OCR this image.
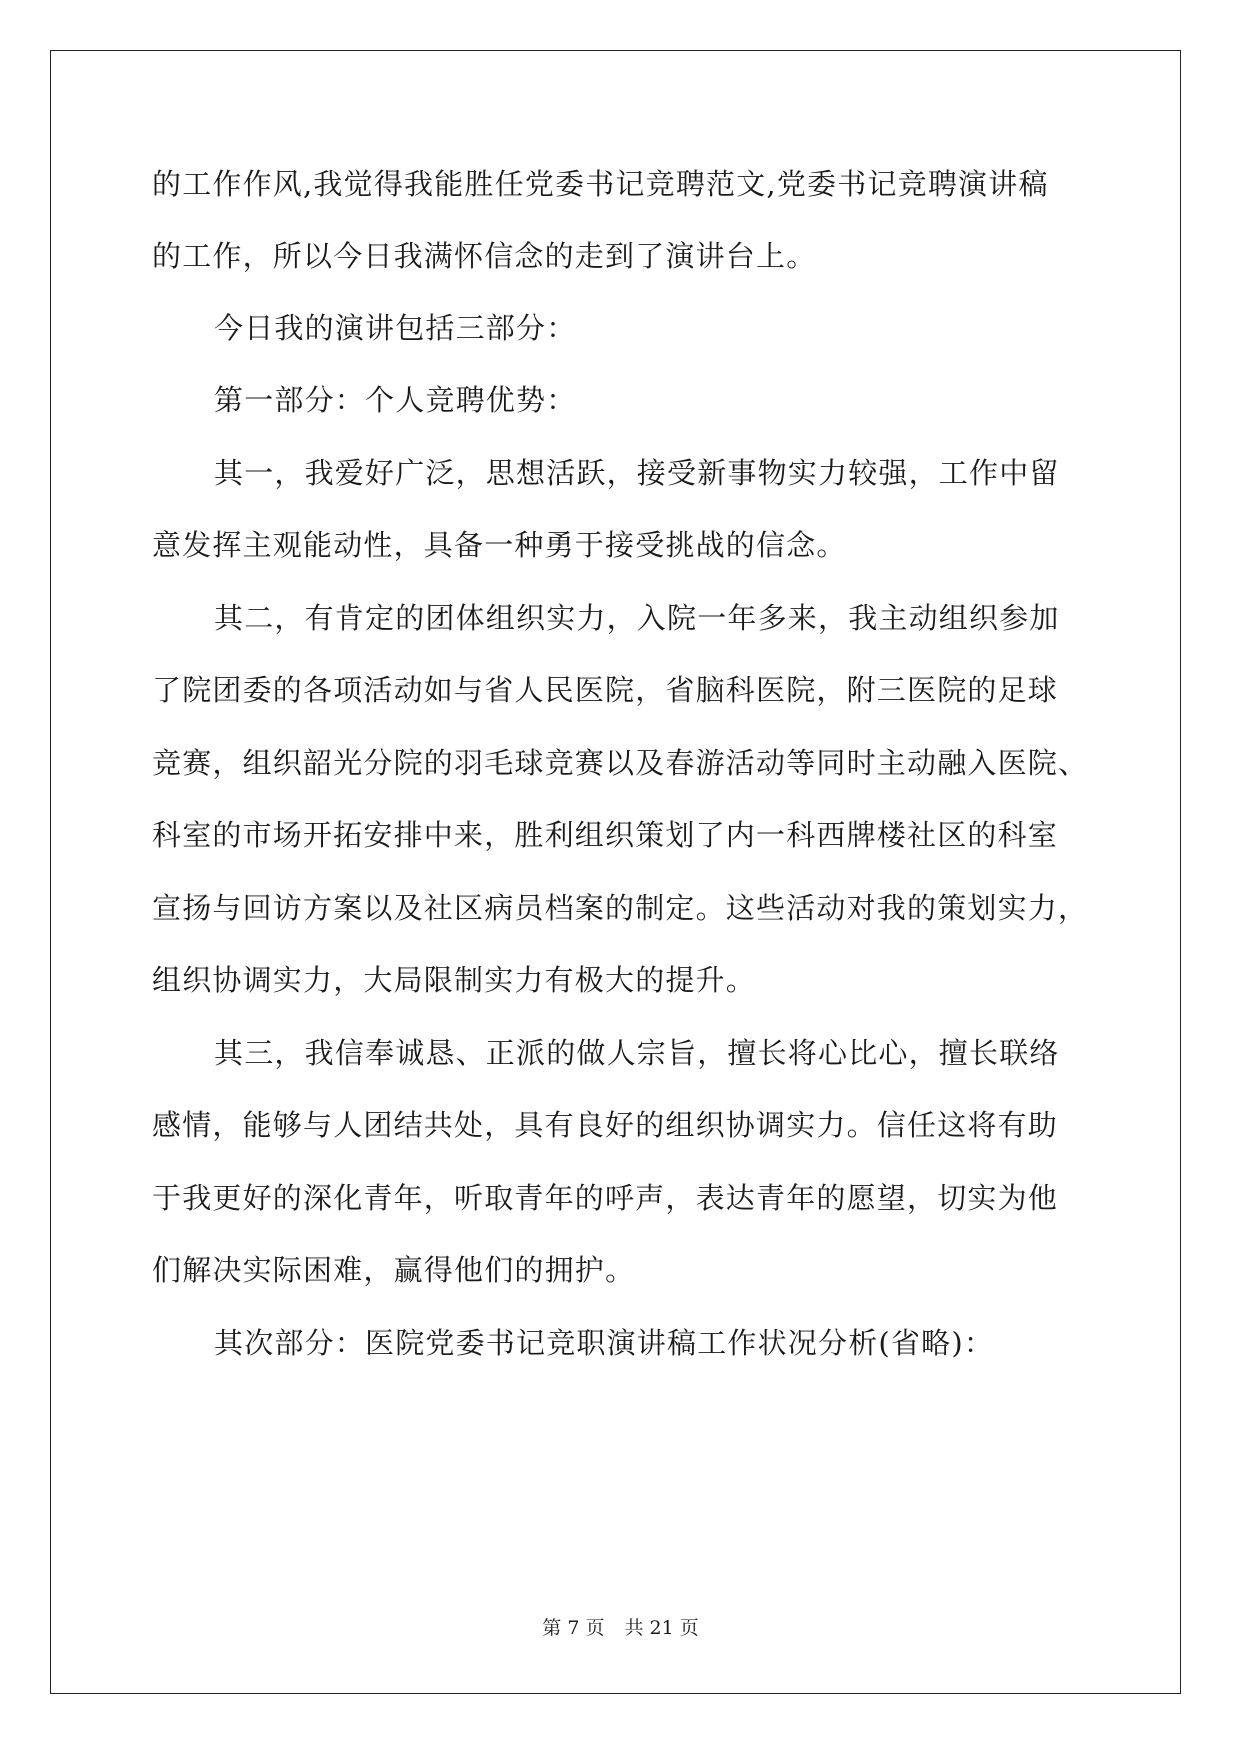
的工作作风,我觉得我能胜任党委书记竞聘范文,党委书记竞聘演讲稿
的工作，所以今日我满怀信念的走到了演讲台上。
今日我的演讲包括三部分：
第一部分：个人竞聘优势：
其一，我爱好广泛，思想活跃，接受新事物实力较强，工作中留
意发挥主观能动性，具备一种勇于接受挑战的信念。
其二，有肯定的团体组织实力，入院一年多来，我主动组织参加
了院团委的各项活动如与省人民医院，省脑科医院，附三医院的足球
竞赛，组织韶光分院的羽毛球竞赛以及春游活动等同时主动融入医院、
科室的市场开拓安排中来，胜利组织策划了内一科西牌楼社区的科室
宣扬与回访方案以及社区病员档案的制定。这些活动对我的策划实力，
组织协调实力，大局限制实力有极大的提升。
其三，我信奉诚恳、正派的做人宗旨，擅长将心比心，擅长联络
感情，能够与人团结共处，具有良好的组织协调实力。信任这将有助
于我更好的深化青年，听取青年的呼声，表达青年的愿望，切实为他
们解决实际困难，赢得他们的拥护。
其次部分：医院党委书记竞职演讲稿工作状况分析(省略)：
第 7 页 共 21 页
